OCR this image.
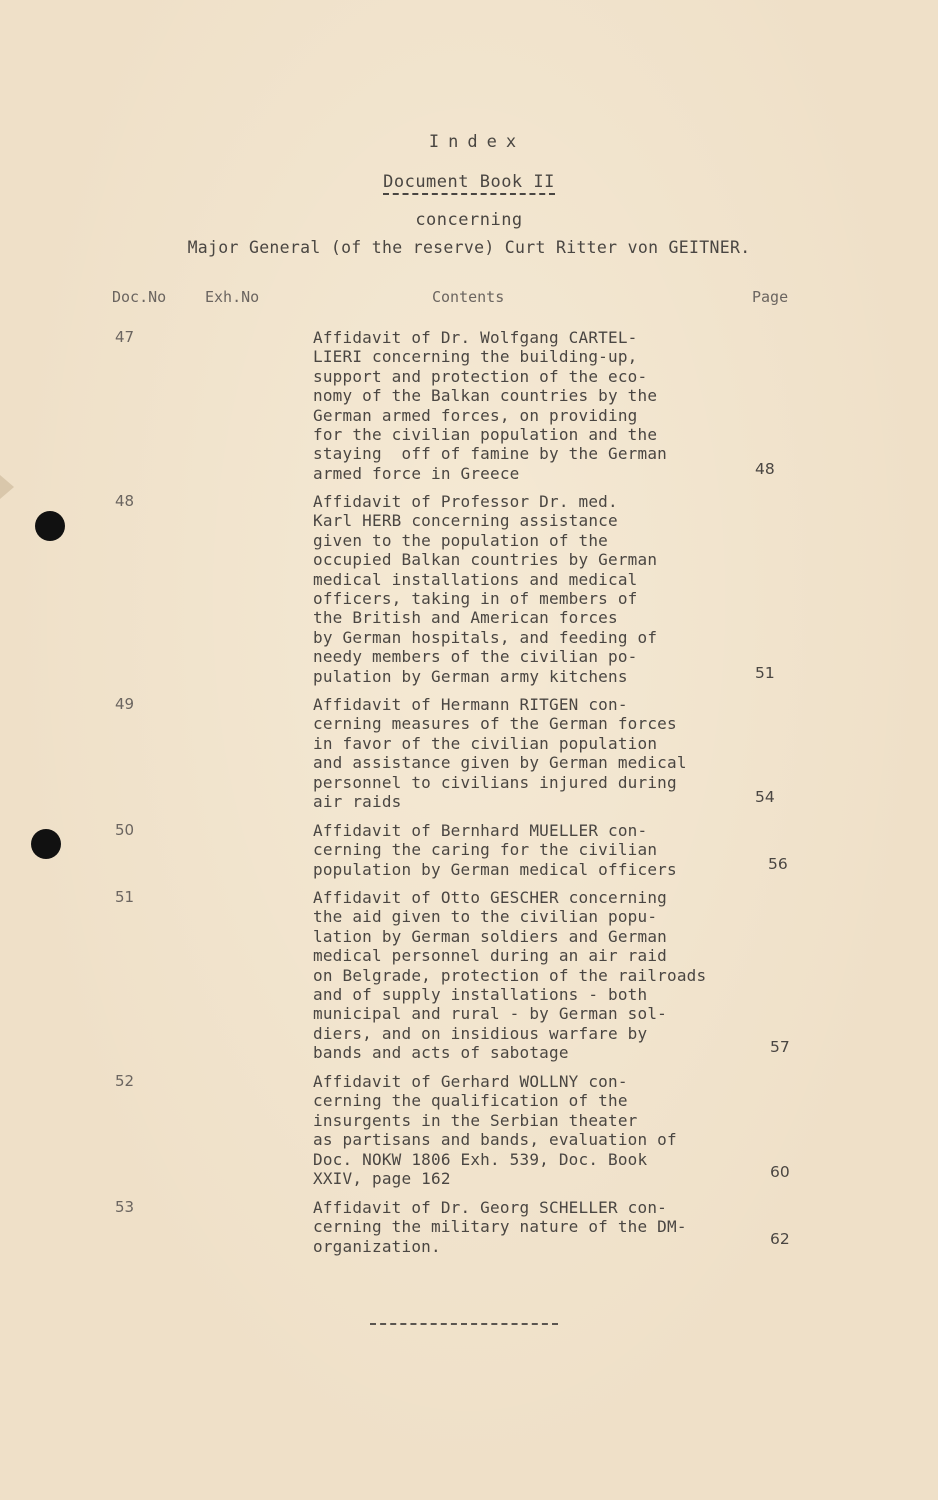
Index
Document Book II
concerning
Major General (of the reserve) Curt Ritter von GEITNER.
Doc.No	Exh.No	Contents	Page
47	Affidavit of Dr. Wolfgang CARTEL-
LIERI concerning the building-up,
support and protection of the eco-
nomy of the Balkan countries by the
German armed forces, on providing
for the civilian population and the
staying  off of famine by the German
armed force in Greece	48
48	Affidavit of Professor Dr. med.
Karl HERB concerning assistance
given to the population of the
occupied Balkan countries by German
medical installations and medical
officers, taking in of members of
the British and American forces
by German hospitals, and feeding of
needy members of the civilian po-
pulation by German army kitchens	51
49	Affidavit of Hermann RITGEN con-
cerning measures of the German forces
in favor of the civilian population
and assistance given by German medical
personnel to civilians injured during
air raids	54
50	Affidavit of Bernhard MUELLER con-
cerning the caring for the civilian
population by German medical officers	56
51	Affidavit of Otto GESCHER concerning
the aid given to the civilian popu-
lation by German soldiers and German
medical personnel during an air raid
on Belgrade, protection of the railroads
and of supply installations - both
municipal and rural - by German sol-
diers, and on insidious warfare by
bands and acts of sabotage	57
52	Affidavit of Gerhard WOLLNY con-
cerning the qualification of the
insurgents in the Serbian theater
as partisans and bands, evaluation of
Doc. NOKW 1806 Exh. 539, Doc. Book
XXIV, page 162	60
53	Affidavit of Dr. Georg SCHELLER con-
cerning the military nature of the DM-
organization.	62
